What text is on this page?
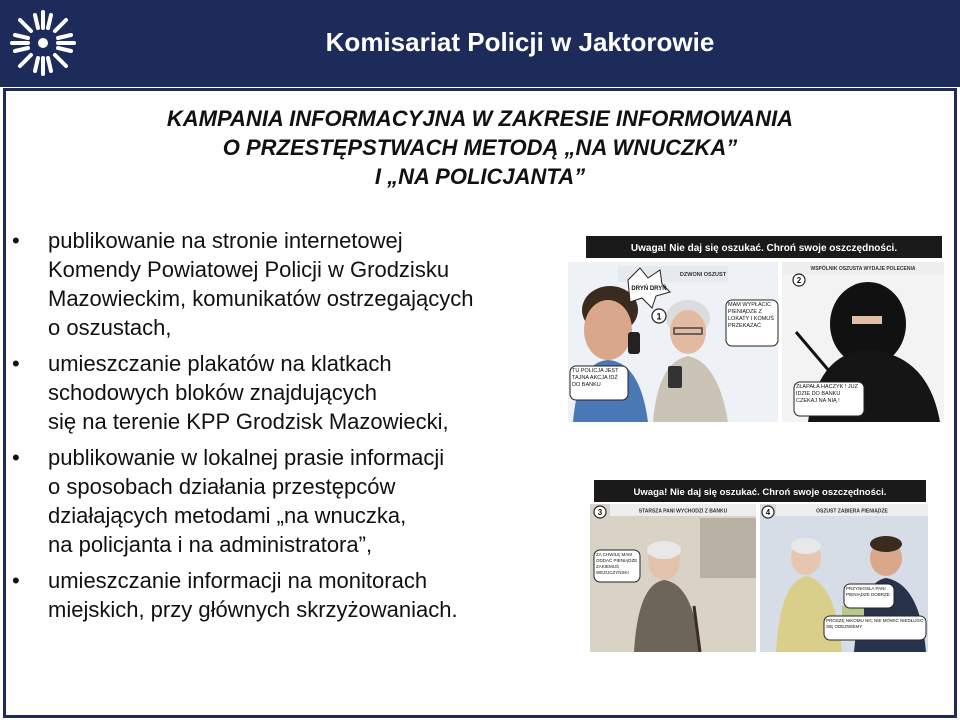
Komisariat Policji w Jaktorowie
KAMPANIA INFORMACYJNA W ZAKRESIE INFORMOWANIA
O PRZESTĘPSTWACH METODĄ „NA WNUCZKA”
I „NA POLICJANTA”
• publikowanie na stronie internetowej
Komendy Powiatowej Policji w Grodzisku
Mazowieckim, komunikatów ostrzegających
o oszustach,
• umieszczanie plakatów na klatkach
schodowych bloków znajdujących
się na terenie KPP Grodzisk Mazowiecki,
• publikowanie w lokalnej prasie informacji
o sposobach działania przestępców
działających metodami „na wnuczka,
na policjanta i na administratora”,
• umieszczanie informacji na monitorach
miejskich, przy głównych skrzyżowaniach.
Uwaga! Nie daj się oszukać. Chroń swoje oszczędności.
DZWONI OSZUST
1
DRYŃ DRYŃ
MAM WYPŁACIĆ PIENIĄDZE Z LOKATY I KOMUŚ PRZEKAZAĆ
TU POLICJA JEST TAJNA AKCJA IDŹ DO BANKU
WSPÓLNIK OSZUSTA WYDAJE POLECENIA
2
ZŁAPAŁA HACZYK ! JUŻ IDZIE DO BANKU CZEKAJ NA NIĄ !
Uwaga! Nie daj się oszukać. Chroń swoje oszczędności.
STARSZA PANI WYCHODZI Z BANKU
3
ZA CHWILĘ MAM ODDAĆ PIENIĄDZE ZAKIEMUŚ WEZUCZYŃSKI
OSZUST ZABIERA PIENIĄDZE
4
PRZYNIOSŁA PANI PIENIĄDZE DOBRZE
PROSZĘ NIKOMU NIC NIE MÓWIĆ NIEDŁUGO SIĘ ODEZWIEMY
